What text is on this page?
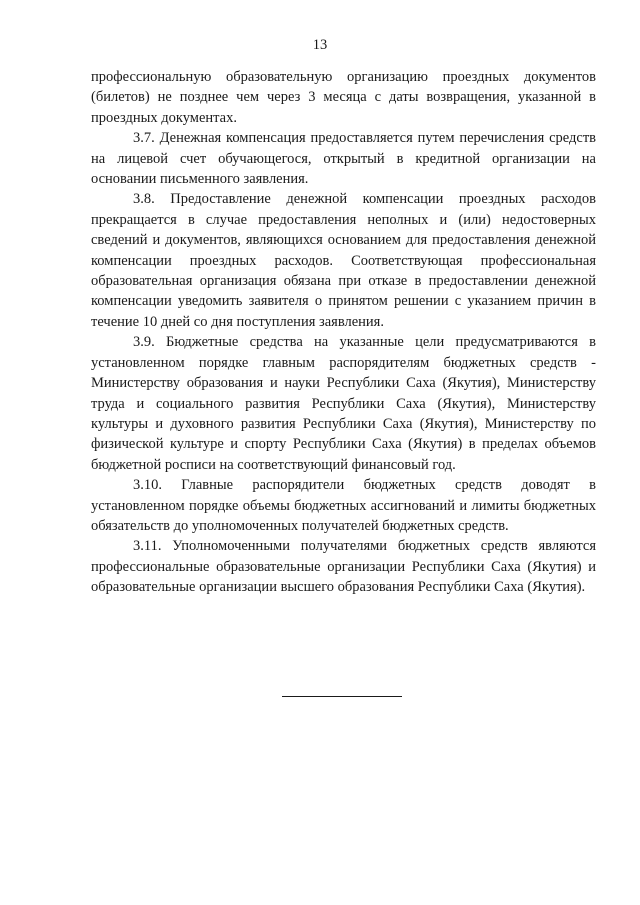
13

профессиональную образовательную организацию проездных документов (билетов) не позднее чем через 3 месяца с даты возвращения, указанной в проездных документах.

3.7. Денежная компенсация предоставляется путем перечисления средств на лицевой счет обучающегося, открытый в кредитной организации на основании письменного заявления.

3.8. Предоставление денежной компенсации проездных расходов прекращается в случае предоставления неполных и (или) недостоверных сведений и документов, являющихся основанием для предоставления денежной компенсации проездных расходов. Соответствующая профессиональная образовательная организация обязана при отказе в предоставлении денежной компенсации уведомить заявителя о принятом решении с указанием причин в течение 10 дней со дня поступления заявления.

3.9. Бюджетные средства на указанные цели предусматриваются в установленном порядке главным распорядителям бюджетных средств - Министерству образования и науки Республики Саха (Якутия), Министерству труда и социального развития Республики Саха (Якутия), Министерству культуры и духовного развития Республики Саха (Якутия), Министерству по физической культуре и спорту Республики Саха (Якутия) в пределах объемов бюджетной росписи на соответствующий финансовый год.

3.10. Главные распорядители бюджетных средств доводят в установленном порядке объемы бюджетных ассигнований и лимиты бюджетных обязательств до уполномоченных получателей бюджетных средств.

3.11. Уполномоченными получателями бюджетных средств являются профессиональные образовательные организации Республики Саха (Якутия) и образовательные организации высшего образования Республики Саха (Якутия).
